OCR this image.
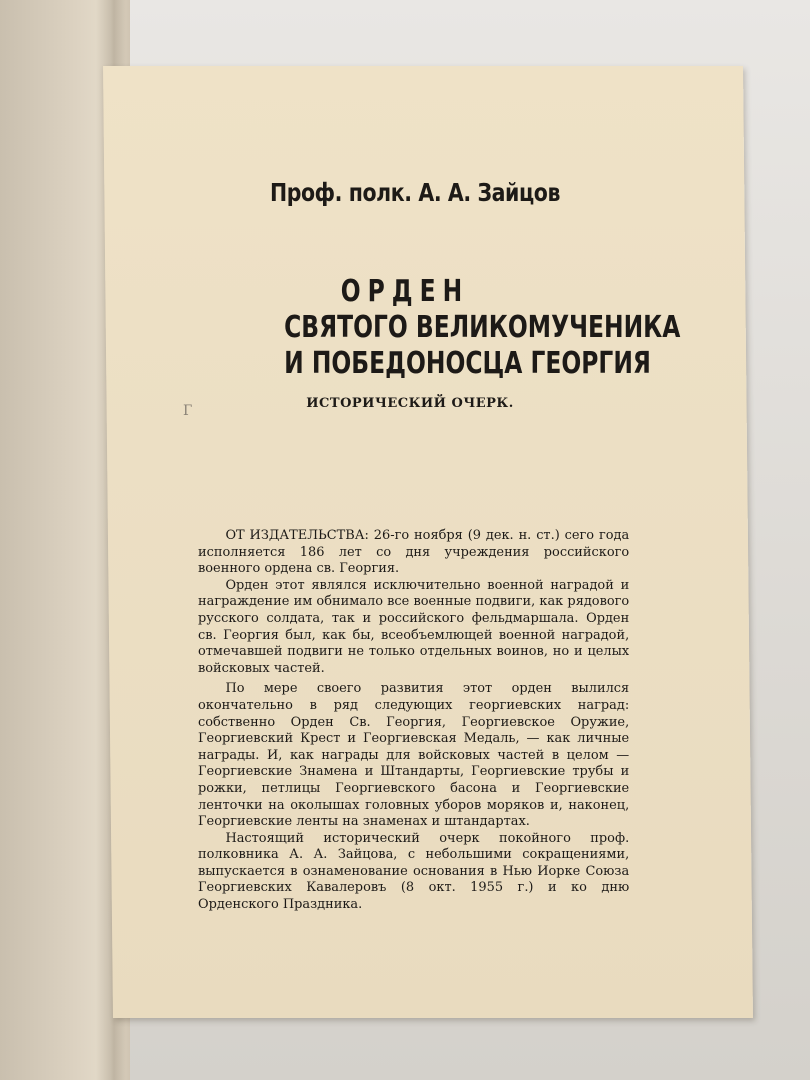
Г
Проф. полк. А. А. Зайцов
ОРДЕН
СВЯТОГО ВЕЛИКОМУЧЕНИКА
И ПОБЕДОНОСЦА ГЕОРГИЯ
ИСТОРИЧЕСКИЙ ОЧЕРК.

ОТ ИЗДАТЕЛЬСТВА: 26-го ноября (9 дек. н. ст.) сего года исполняется 186 лет со дня учреждения российского военного ордена св. Георгия.

Орден этот являлся исключительно военной наградой и награждение им обнимало все военные подвиги, как рядового русского солдата, так и российского фельдмаршала. Орден св. Георгия был, как бы, всеобъемлющей военной наградой, отмечавшей подвиги не только отдельных воинов, но и целых войсковых частей.

По мере своего развития этот орден вылился окончательно в ряд следующих георгиевских наград: собственно Орден Св. Георгия, Георгиевское Оружие, Георгиевский Крест и Георгиевская Медаль, — как личные награды. И, как награды для войсковых частей в целом — Георгиевские Знамена и Штандарты, Георгиевские трубы и рожки, петлицы Георгиевского басона и Георгиевские ленточки на околышах головных уборов моряков и, наконец, Георгиевские ленты на знаменах и штандартах.

Настоящий исторический очерк покойного проф. полковника А. А. Зайцова, с небольшими сокращениями, выпускается в ознаменование основания в Нью Иорке Союза Георгиевских Кавалеровъ (8 окт. 1955 г.) и ко дню Орденского Праздника.
